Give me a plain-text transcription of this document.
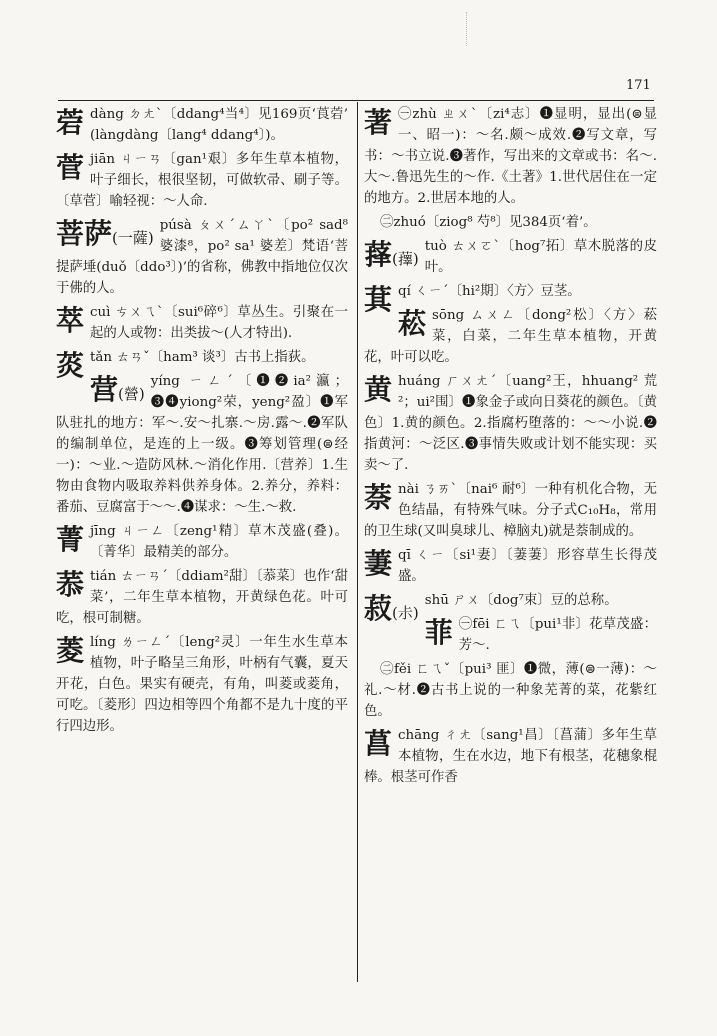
171
菪dàng ㄉㄤˋ〔ddang⁴当⁴〕见169页‘莨菪’ (làngdàng〔lang⁴ ddang⁴〕)。
菅jiān ㄐㄧㄢ〔gan¹艰〕多年生草本植物，叶子细长，根很坚韧，可做软帚、刷子等。〔草菅〕喻轻视：～人命.
菩萨(一薩)
púsà ㄆㄨˊㄙㄚˋ〔po² sad⁸ 婆漆⁸，po² sa¹ 婆差〕梵语‘菩提萨埵(duǒ〔ddo³〕)’的省称，佛教中指地位仅次于佛的人。
萃cuì ㄘㄨㄟˋ〔sui⁶碎⁶〕草丛生。引聚在一起的人或物：出类拔～(人才特出).
菼tǎn ㄊㄢˇ〔ham³ 谈³〕古书上指荻。
营(營)
yíng ㄧㄥˊ〔❶❷ia²瀛；❸❹yiong²荣，yeng²盈〕❶军队驻扎的地方：军～.安～扎寨.～房.露～.❷军队的编制单位，是连的上一级。❸筹划管理(⊜经一)：～业.～造防风林.～消化作用.〔营养〕1.生物由食物内吸取养料供养身体。2.养分，养料：番茄、豆腐富于～～.❹谋求：～生.～救.
菁jīng ㄐㄧㄥ〔zeng¹精〕草木茂盛(叠)。〔菁华〕最精美的部分。
菾tián ㄊㄧㄢˊ〔ddiam²甜〕〔菾菜〕也作‘甜菜’，二年生草本植物，开黄绿色花。叶可吃，根可制糖。
菱líng ㄌㄧㄥˊ〔leng²灵〕一年生水生草本植物，叶子略呈三角形，叶柄有气囊，夏天开花，白色。果实有硬壳，有角，叫菱或菱角，可吃。〔菱形〕四边相等四个角都不是九十度的平行四边形。
著 ㊀zhù ㄓㄨˋ〔zi⁴志〕❶显明，显出(⊜显一、昭一)：～名.颇～成效.❷写文章，写书：～书立说.❸著作，写出来的文章或书：名～.大～.鲁迅先生的～作.《土著》1.世代居住在一定的地方。2.世居本地的人。
㊁zhuó〔ziog⁸ 芍⁸〕见384页‘着’。
萚(蘀)
tuò ㄊㄨㄛˋ〔hog⁷拓〕草木脱落的皮叶。
萁qí ㄑㄧˊ〔hi²期〕〈方〉豆茎。
菘sōng ㄙㄨㄥ〔dong²松〕〈方〉菘菜，白菜，二年生草本植物，开黄花，叶可以吃。
黄huáng ㄏㄨㄤˊ〔uang²王，hhuang² 荒²；ui²围〕❶象金子或向日葵花的颜色。〔黄色〕1.黄的颜色。2.指腐朽堕落的：～～小说.❷指黄河：～泛区.❸事情失败或计划不能实现：买卖～了.
萘nài ㄋㄞˋ〔nai⁶ 耐⁶〕一种有机化合物，无色结晶，有特殊气味。分子式C₁₀H₈，常用的卫生球(又叫臭球儿、樟脑丸)就是萘制成的。
萋qī ㄑㄧ〔si¹妻〕〔萋萋〕形容草生长得茂盛。
菽(尗)
shū ㄕㄨ〔dog⁷束〕豆的总称。
菲 ㊀fēi ㄈㄟ〔pui¹非〕花草茂盛：芳～.
㊁fěi ㄈㄟˇ〔pui³ 匪〕❶微，薄(⊜一薄)：～礼.～材.❷古书上说的一种象芜菁的菜，花紫红色。
菖chāng ㄔㄤ〔sang¹昌〕〔菖蒲〕多年生草本植物，生在水边，地下有根茎，花穗象棍棒。根茎可作香
